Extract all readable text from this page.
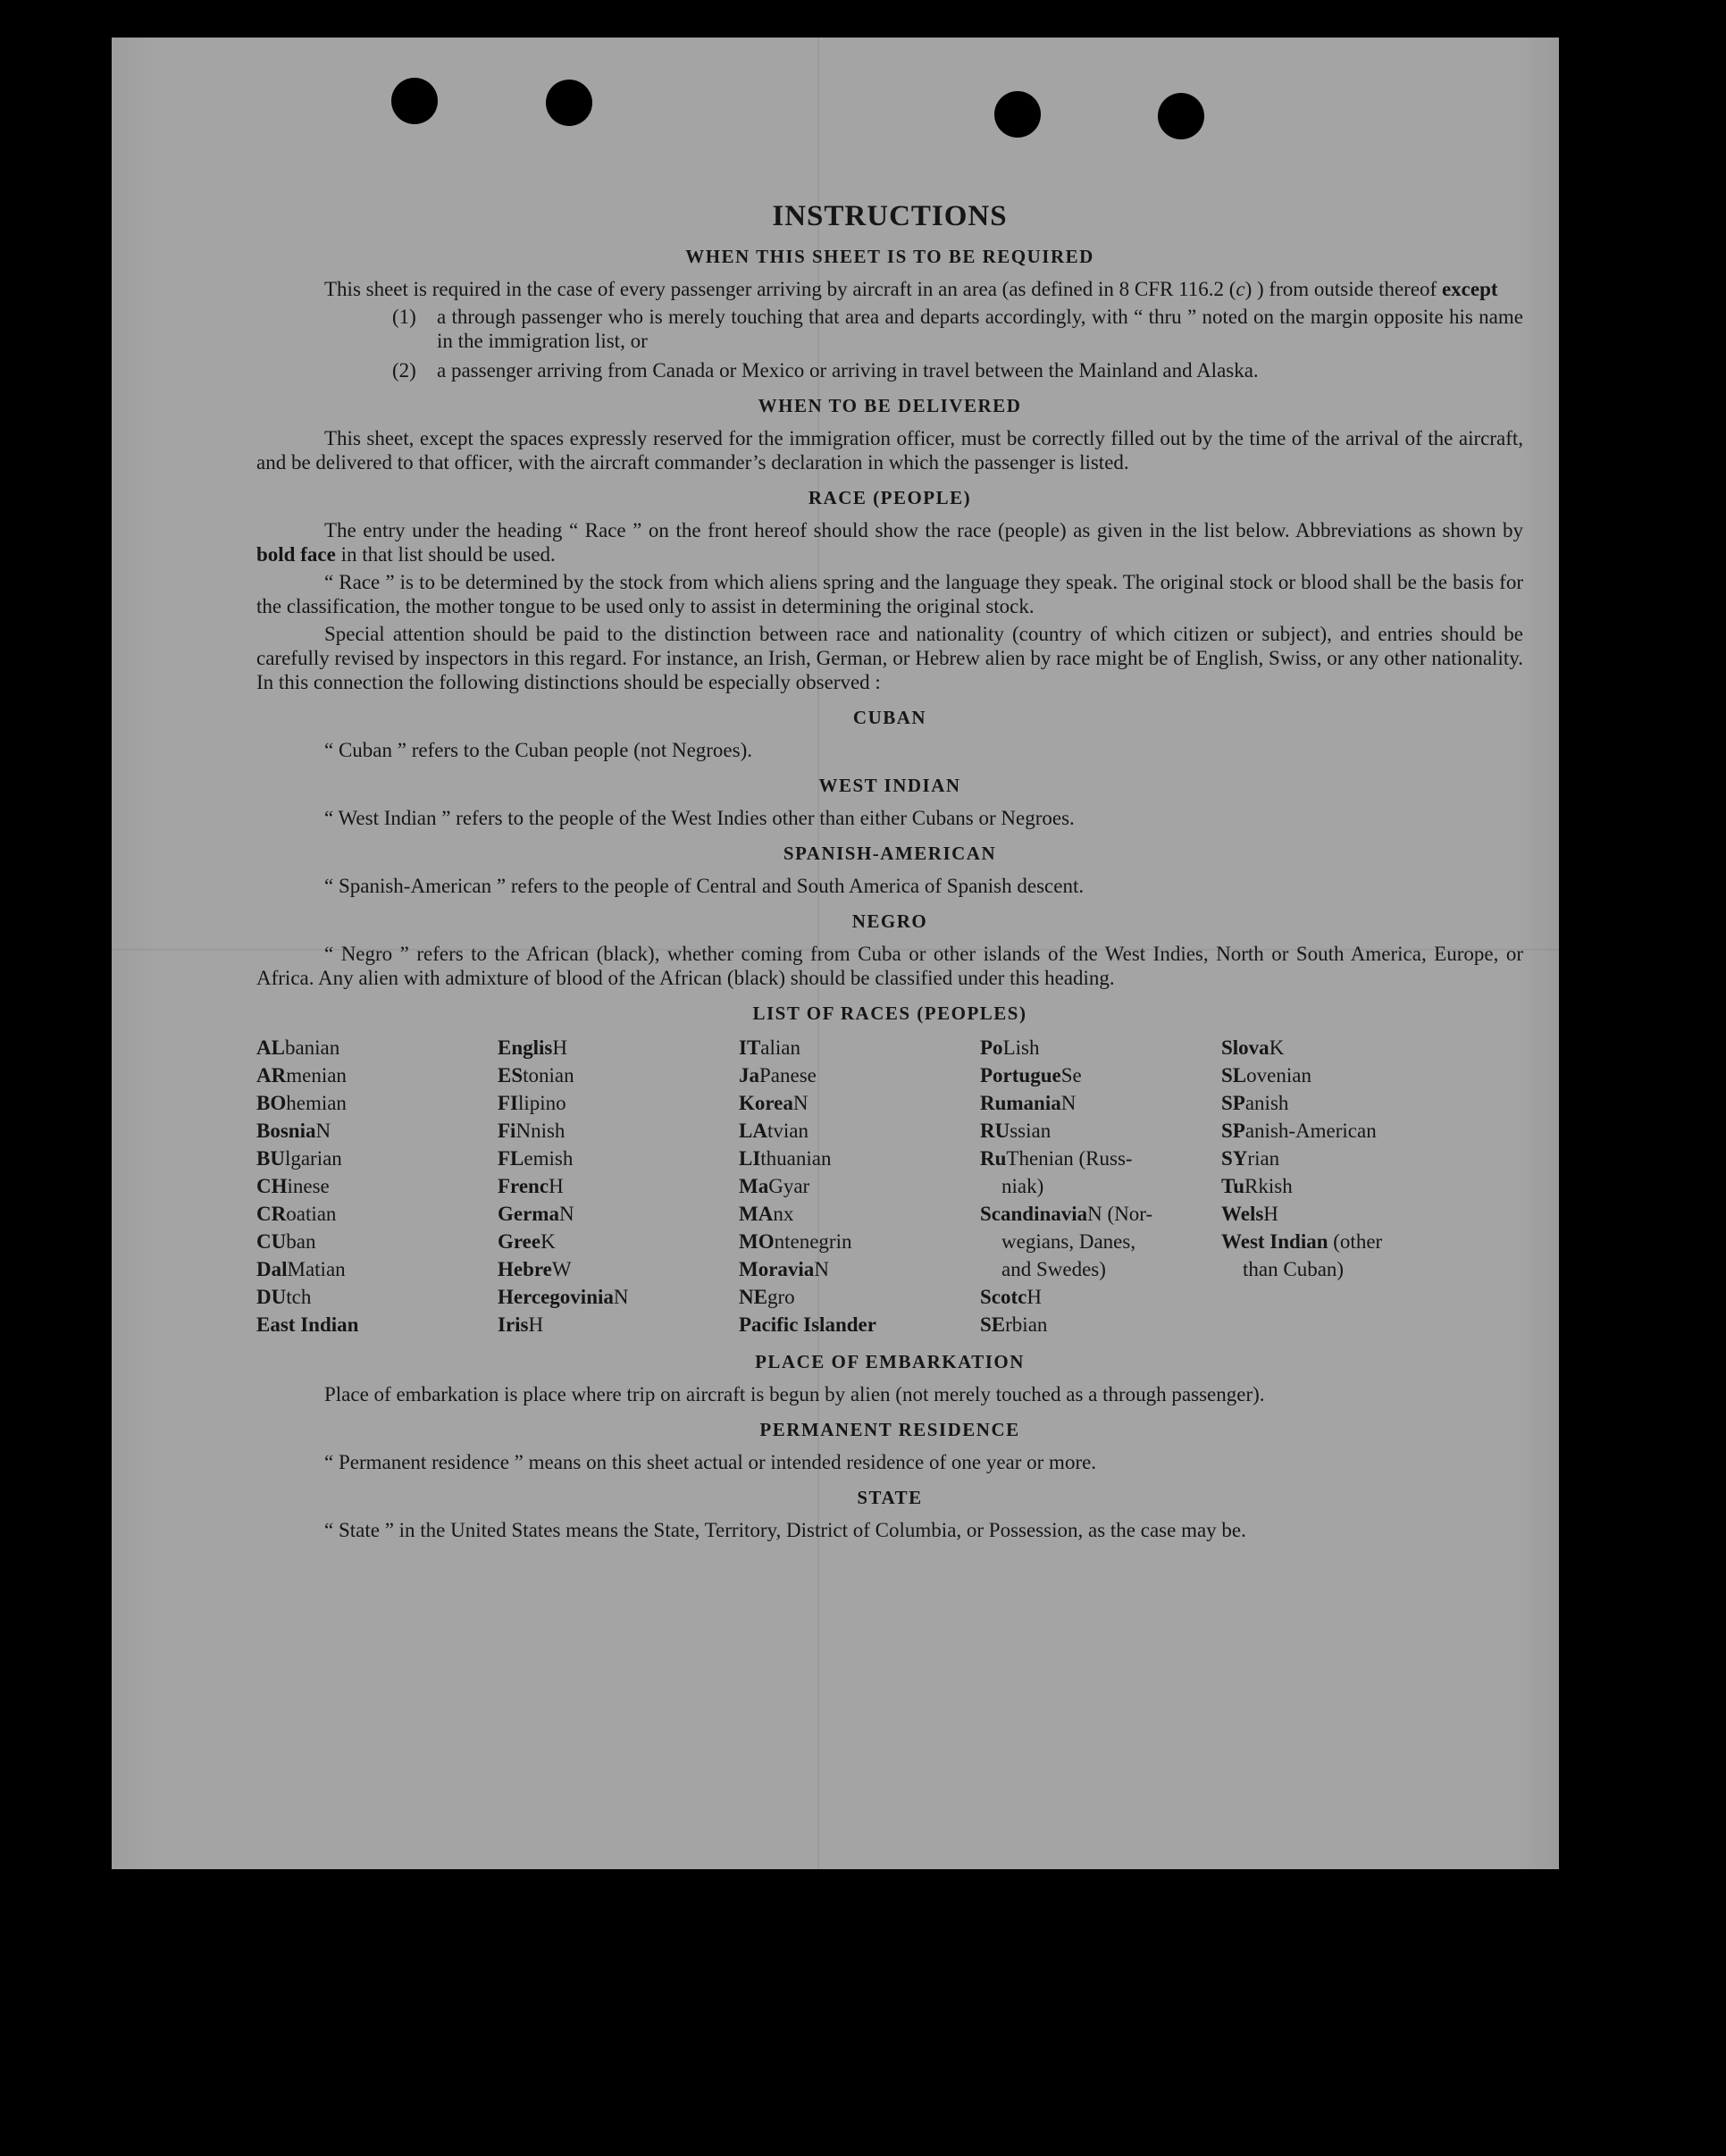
INSTRUCTIONS
WHEN THIS SHEET IS TO BE REQUIRED

This sheet is required in the case of every passenger arriving by aircraft in an area (as defined in 8 CFR 116.2 (c) ) from outside thereof except

(1)	a through passenger who is merely touching that area and departs accordingly, with “ thru ” noted on the margin opposite his name in the immigration list, or
(2)	a passenger arriving from Canada or Mexico or arriving in travel between the Mainland and Alaska.
WHEN TO BE DELIVERED

This sheet, except the spaces expressly reserved for the immigration officer, must be correctly filled out by the time of the arrival of the aircraft, and be delivered to that officer, with the aircraft commander’s declaration in which the passenger is listed.

RACE (PEOPLE)

The entry under the heading “ Race ” on the front hereof should show the race (people) as given in the list below. Abbreviations as shown by bold face in that list should be used.

“ Race ” is to be determined by the stock from which aliens spring and the language they speak. The original stock or blood shall be the basis for the classification, the mother tongue to be used only to assist in determining the original stock.

Special attention should be paid to the distinction between race and nationality (country of which citizen or subject), and entries should be carefully revised by inspectors in this regard. For instance, an Irish, German, or Hebrew alien by race might be of English, Swiss, or any other nationality. In this connection the following distinctions should be especially observed :

CUBAN

“ Cuban ” refers to the Cuban people (not Negroes).

WEST INDIAN

“ West Indian ” refers to the people of the West Indies other than either Cubans or Negroes.

SPANISH-AMERICAN

“ Spanish-American ” refers to the people of Central and South America of Spanish descent.

NEGRO

“ Negro ” refers to the African (black), whether coming from Cuba or other islands of the West Indies, North or South America, Europe, or Africa. Any alien with admixture of blood of the African (black) should be classified under this heading.

LIST OF RACES (PEOPLES)
ALbanian
ARmenian
BOhemian
BosniaN
BUlgarian
CHinese
CRoatian
CUban
DalMatian
DUtch
East Indian
EnglisH
EStonian
FIlipino
FiNnish
FLemish
FrencH
GermaN
GreeK
HebreW
HercegoviniaN
IrisH
ITalian
JaPanese
KoreaN
LAtvian
LIthuanian
MaGyar
MAnx
MOntenegrin
MoraviaN
NEgro
Pacific Islander
PoLish
PortugueSe
RumaniaN
RUssian
RuThenian (Russ-
niak)
ScandinaviaN (Nor-
wegians, Danes,
and Swedes)
ScotcH
SErbian
SlovaK
SLovenian
SPanish
SPanish-American
SYrian
TuRkish
WelsH
West Indian (other
than Cuban)
PLACE OF EMBARKATION

Place of embarkation is place where trip on aircraft is begun by alien (not merely touched as a through passenger).

PERMANENT RESIDENCE

“ Permanent residence ” means on this sheet actual or intended residence of one year or more.

STATE

“ State ” in the United States means the State, Territory, District of Columbia, or Possession, as the case may be.
